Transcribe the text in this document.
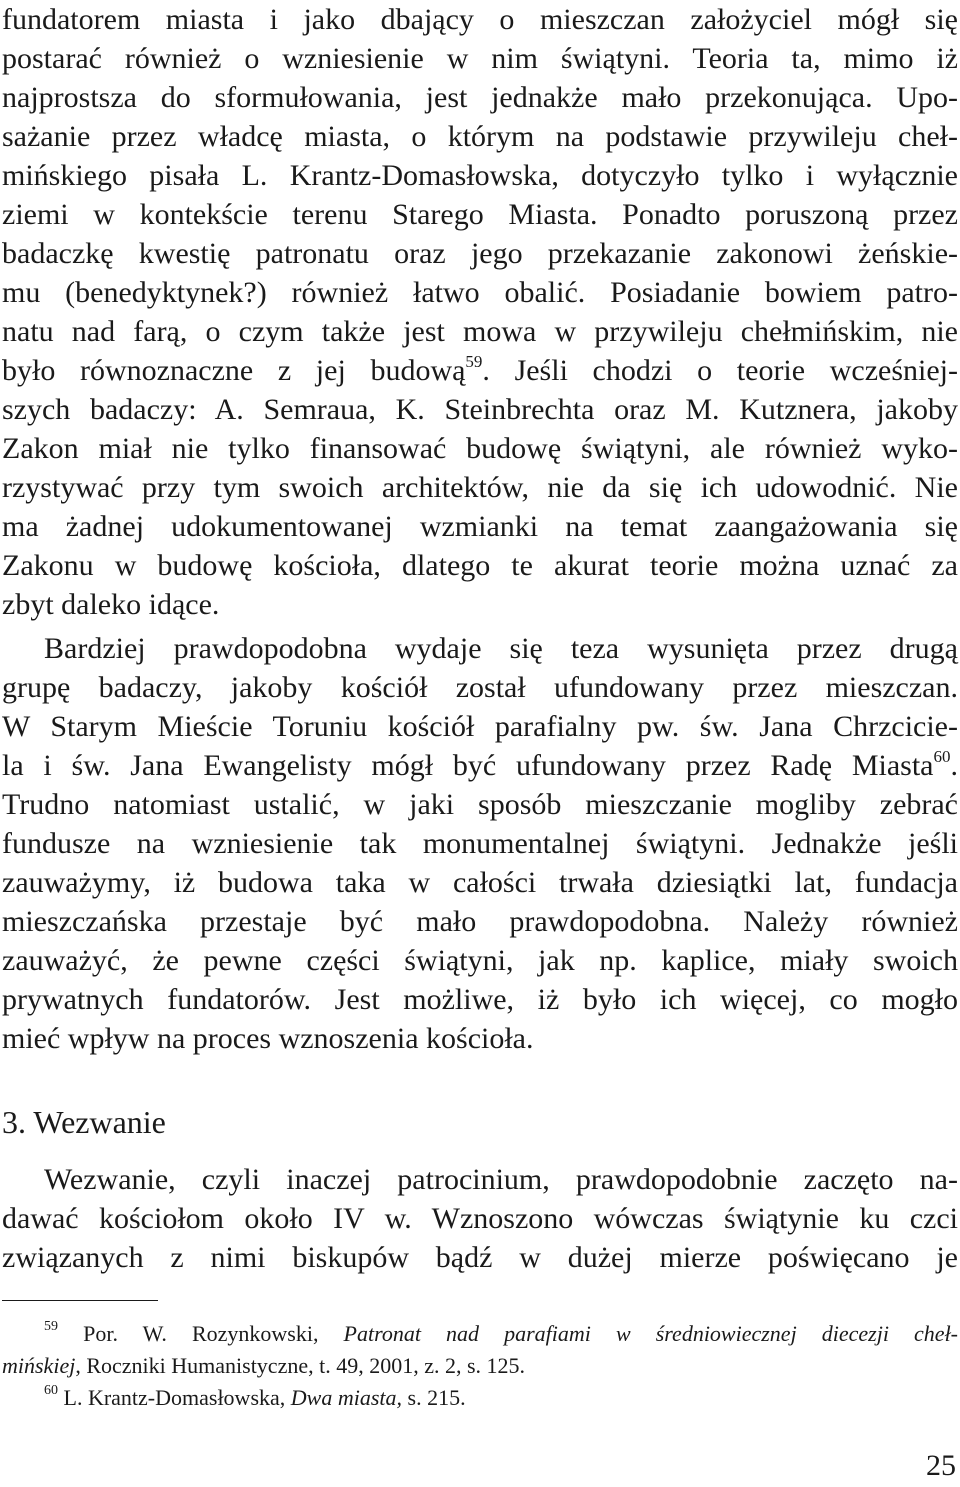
fundatorem miasta i jako dbający o mieszczan założyciel mógł się
postarać również o wzniesienie w nim świątyni. Teoria ta, mimo iż
najprostsza do sformułowania, jest jednakże mało przekonująca. Upo-
sażanie przez władcę miasta, o którym na podstawie przywileju cheł-
mińskiego pisała L. Krantz-Domasłowska, dotyczyło tylko i wyłącznie
ziemi w kontekście terenu Starego Miasta. Ponadto poruszoną przez
badaczkę kwestię patronatu oraz jego przekazanie zakonowi żeńskie-
mu (benedyktynek?) również łatwo obalić. Posiadanie bowiem patro-
natu nad farą, o czym także jest mowa w przywileju chełmińskim, nie
było równoznaczne z jej budową$^{59}$. Jeśli chodzi o teorie wcześniej-
szych badaczy: A. Semraua, K. Steinbrechta oraz M. Kutznera, jakoby
Zakon miał nie tylko finansować budowę świątyni, ale również wyko-
rzystywać przy tym swoich architektów, nie da się ich udowodnić. Nie
ma żadnej udokumentowanej wzmianki na temat zaangażowania się
Zakonu w budowę kościoła, dlatego te akurat teorie można uznać za
zbyt daleko idące.
Bardziej prawdopodobna wydaje się teza wysunięta przez drugą
grupę badaczy, jakoby kościół został ufundowany przez mieszczan.
W Starym Mieście Toruniu kościół parafialny pw. św. Jana Chrzcicie-
la i św. Jana Ewangelisty mógł być ufundowany przez Radę Miasta$^{60}$.
Trudno natomiast ustalić, w jaki sposób mieszczanie mogliby zebrać
fundusze na wzniesienie tak monumentalnej świątyni. Jednakże jeśli
zauważymy, iż budowa taka w całości trwała dziesiątki lat, fundacja
mieszczańska przestaje być mało prawdopodobna. Należy również
zauważyć, że pewne części świątyni, jak np. kaplice, miały swoich
prywatnych fundatorów. Jest możliwe, iż było ich więcej, co mogło
mieć wpływ na proces wznoszenia kościoła.
3. Wezwanie
Wezwanie, czyli inaczej patrocinium, prawdopodobnie zaczęto na-
dawać kościołom około IV w. Wznoszono wówczas świątynie ku czci
związanych z nimi biskupów bądź w dużej mierze poświęcano je
$^{59}$ Por. W. Rozynkowski, Patronat nad parafiami w średniowiecznej diecezji cheł-
mińskiej, Roczniki Humanistyczne, t. 49, 2001, z. 2, s. 125.
$^{60}$ L. Krantz-Domasłowska, Dwa miasta, s. 215.
25
